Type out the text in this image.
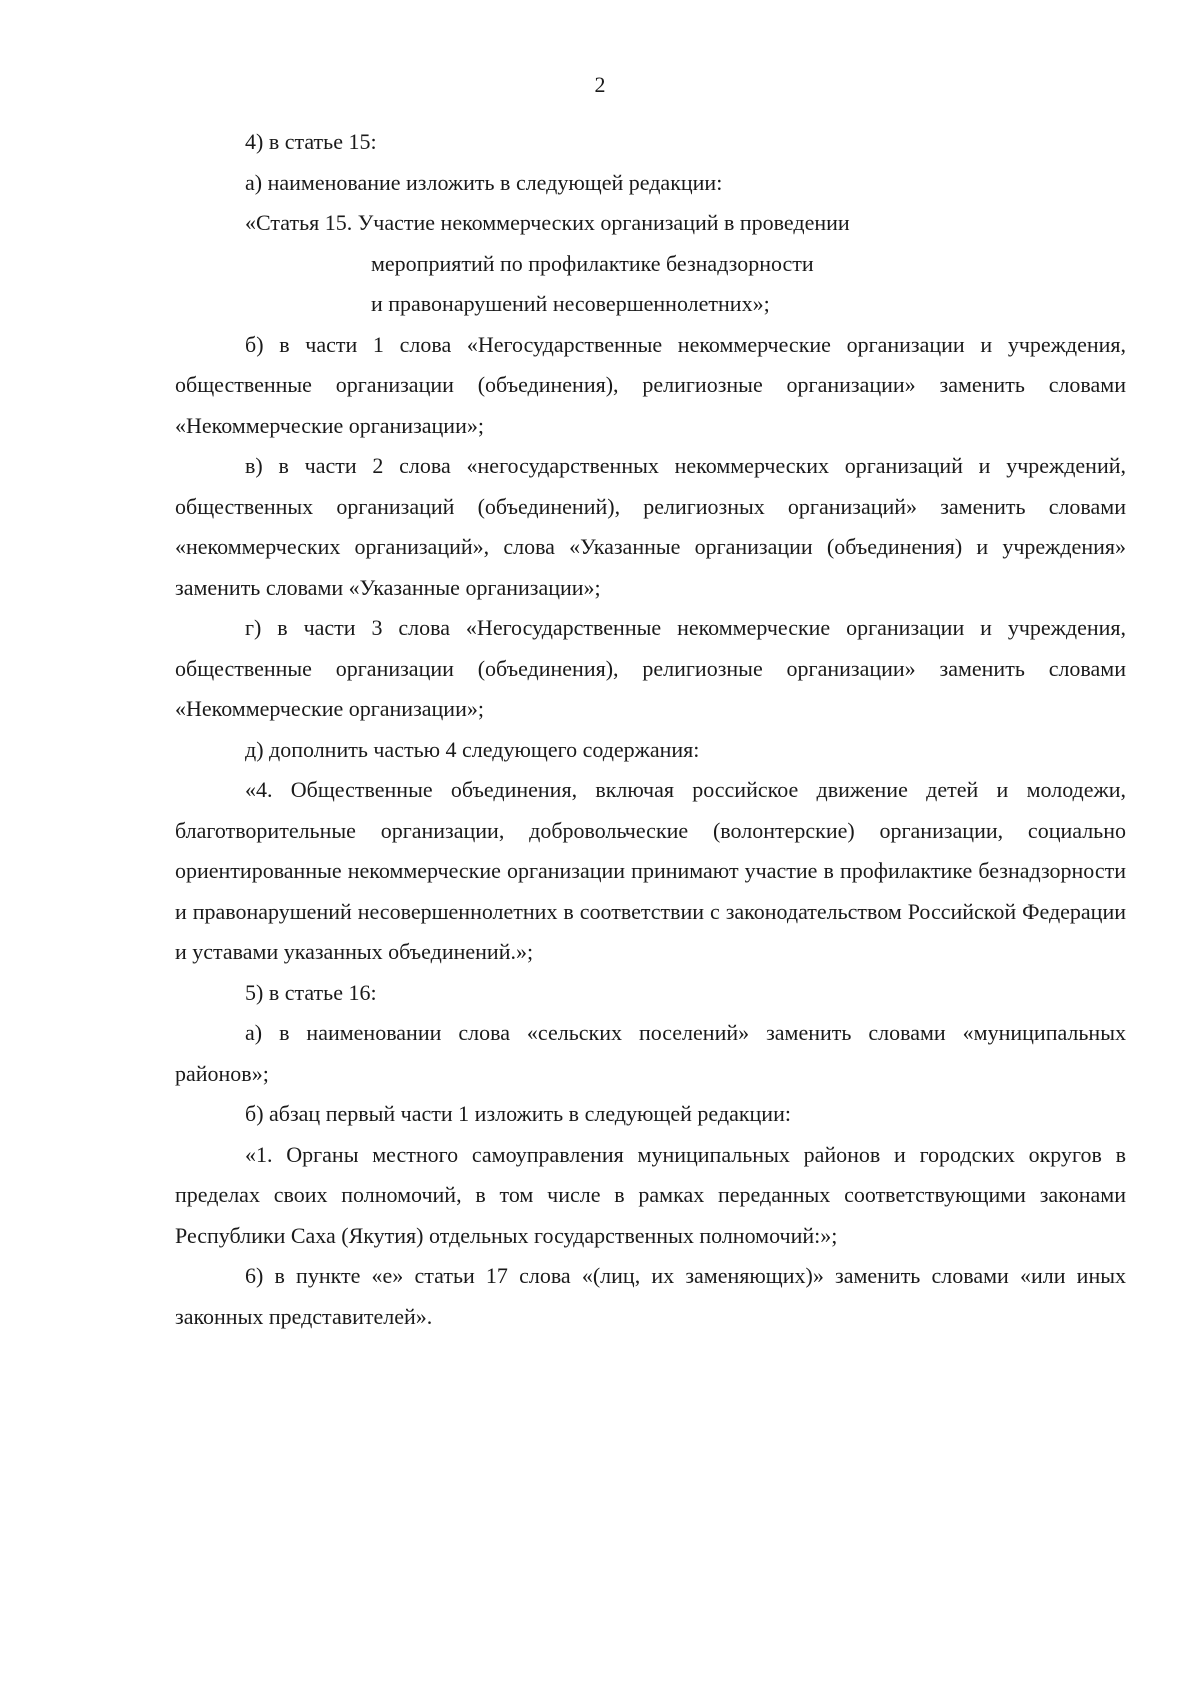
2

4) в статье 15:

а) наименование изложить в следующей редакции:

«Статья 15. Участие некоммерческих организаций в проведении

мероприятий по профилактике безнадзорности

и правонарушений несовершеннолетних»;

б) в части 1 слова «Негосударственные некоммерческие организации и учреждения, общественные организации (объединения), религиозные организации» заменить словами «Некоммерческие организации»;

в) в части 2 слова «негосударственных некоммерческих организаций и учреждений, общественных организаций (объединений), религиозных организаций» заменить словами «некоммерческих организаций», слова «Указанные организации (объединения) и учреждения» заменить словами «Указанные организации»;

г) в части 3 слова «Негосударственные некоммерческие организации и учреждения, общественные организации (объединения), религиозные организации» заменить словами «Некоммерческие организации»;

д) дополнить частью 4 следующего содержания:

«4. Общественные объединения, включая российское движение детей и молодежи, благотворительные организации, добровольческие (волонтерские) организации, социально ориентированные некоммерческие организации принимают участие в профилактике безнадзорности и правонарушений несовершеннолетних в соответствии с законодательством Российской Федерации и уставами указанных объединений.»;

5) в статье 16:

а) в наименовании слова «сельских поселений» заменить словами «муниципальных районов»;

б) абзац первый части 1 изложить в следующей редакции:

«1. Органы местного самоуправления муниципальных районов и городских округов в пределах своих полномочий, в том числе в рамках переданных соответствующими законами Республики Саха (Якутия) отдельных государственных полномочий:»;

6) в пункте «е» статьи 17 слова «(лиц, их заменяющих)» заменить словами «или иных законных представителей».
